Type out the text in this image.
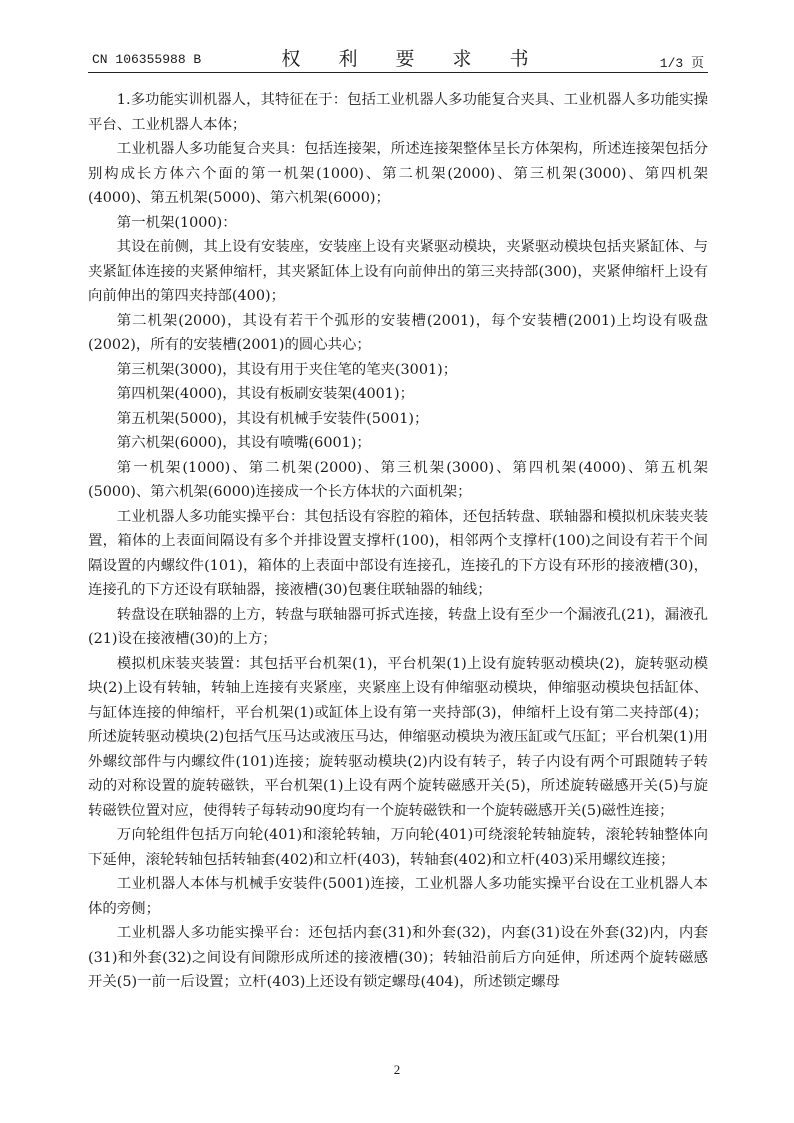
CN 106355988 B	权 利 要 求 书	1/3 页

1.多功能实训机器人，其特征在于：包括工业机器人多功能复合夹具、工业机器人多功能实操平台、工业机器人本体；

工业机器人多功能复合夹具：包括连接架，所述连接架整体呈长方体架构，所述连接架包括分别构成长方体六个面的第一机架(1000)、第二机架(2000)、第三机架(3000)、第四机架(4000)、第五机架(5000)、第六机架(6000)；

第一机架(1000)：

其设在前侧，其上设有安装座，安装座上设有夹紧驱动模块，夹紧驱动模块包括夹紧缸体、与夹紧缸体连接的夹紧伸缩杆，其夹紧缸体上设有向前伸出的第三夹持部(300)，夹紧伸缩杆上设有向前伸出的第四夹持部(400)；

第二机架(2000)，其设有若干个弧形的安装槽(2001)，每个安装槽(2001)上均设有吸盘(2002)，所有的安装槽(2001)的圆心共心；

第三机架(3000)，其设有用于夹住笔的笔夹(3001)；

第四机架(4000)，其设有板刷安装架(4001)；

第五机架(5000)，其设有机械手安装件(5001)；

第六机架(6000)，其设有喷嘴(6001)；

第一机架(1000)、第二机架(2000)、第三机架(3000)、第四机架(4000)、第五机架(5000)、第六机架(6000)连接成一个长方体状的六面机架；

工业机器人多功能实操平台：其包括设有容腔的箱体，还包括转盘、联轴器和模拟机床装夹装置，箱体的上表面间隔设有多个并排设置支撑杆(100)，相邻两个支撑杆(100)之间设有若干个间隔设置的内螺纹件(101)，箱体的上表面中部设有连接孔，连接孔的下方设有环形的接液槽(30)，连接孔的下方还设有联轴器，接液槽(30)包裹住联轴器的轴线；

转盘设在联轴器的上方，转盘与联轴器可拆式连接，转盘上设有至少一个漏液孔(21)，漏液孔(21)设在接液槽(30)的上方；

模拟机床装夹装置：其包括平台机架(1)，平台机架(1)上设有旋转驱动模块(2)，旋转驱动模块(2)上设有转轴，转轴上连接有夹紧座，夹紧座上设有伸缩驱动模块，伸缩驱动模块包括缸体、与缸体连接的伸缩杆，平台机架(1)或缸体上设有第一夹持部(3)，伸缩杆上设有第二夹持部(4)；所述旋转驱动模块(2)包括气压马达或液压马达，伸缩驱动模块为液压缸或气压缸；平台机架(1)用外螺纹部件与内螺纹件(101)连接；旋转驱动模块(2)内设有转子，转子内设有两个可跟随转子转动的对称设置的旋转磁铁，平台机架(1)上设有两个旋转磁感开关(5)，所述旋转磁感开关(5)与旋转磁铁位置对应，使得转子每转动90度均有一个旋转磁铁和一个旋转磁感开关(5)磁性连接；

万向轮组件包括万向轮(401)和滚轮转轴，万向轮(401)可绕滚轮转轴旋转，滚轮转轴整体向下延伸，滚轮转轴包括转轴套(402)和立杆(403)，转轴套(402)和立杆(403)采用螺纹连接；

工业机器人本体与机械手安装件(5001)连接，工业机器人多功能实操平台设在工业机器人本体的旁侧；

工业机器人多功能实操平台：还包括内套(31)和外套(32)，内套(31)设在外套(32)内，内套(31)和外套(32)之间设有间隙形成所述的接液槽(30)；转轴沿前后方向延伸，所述两个旋转磁感开关(5)一前一后设置；立杆(403)上还设有锁定螺母(404)，所述锁定螺母

2
